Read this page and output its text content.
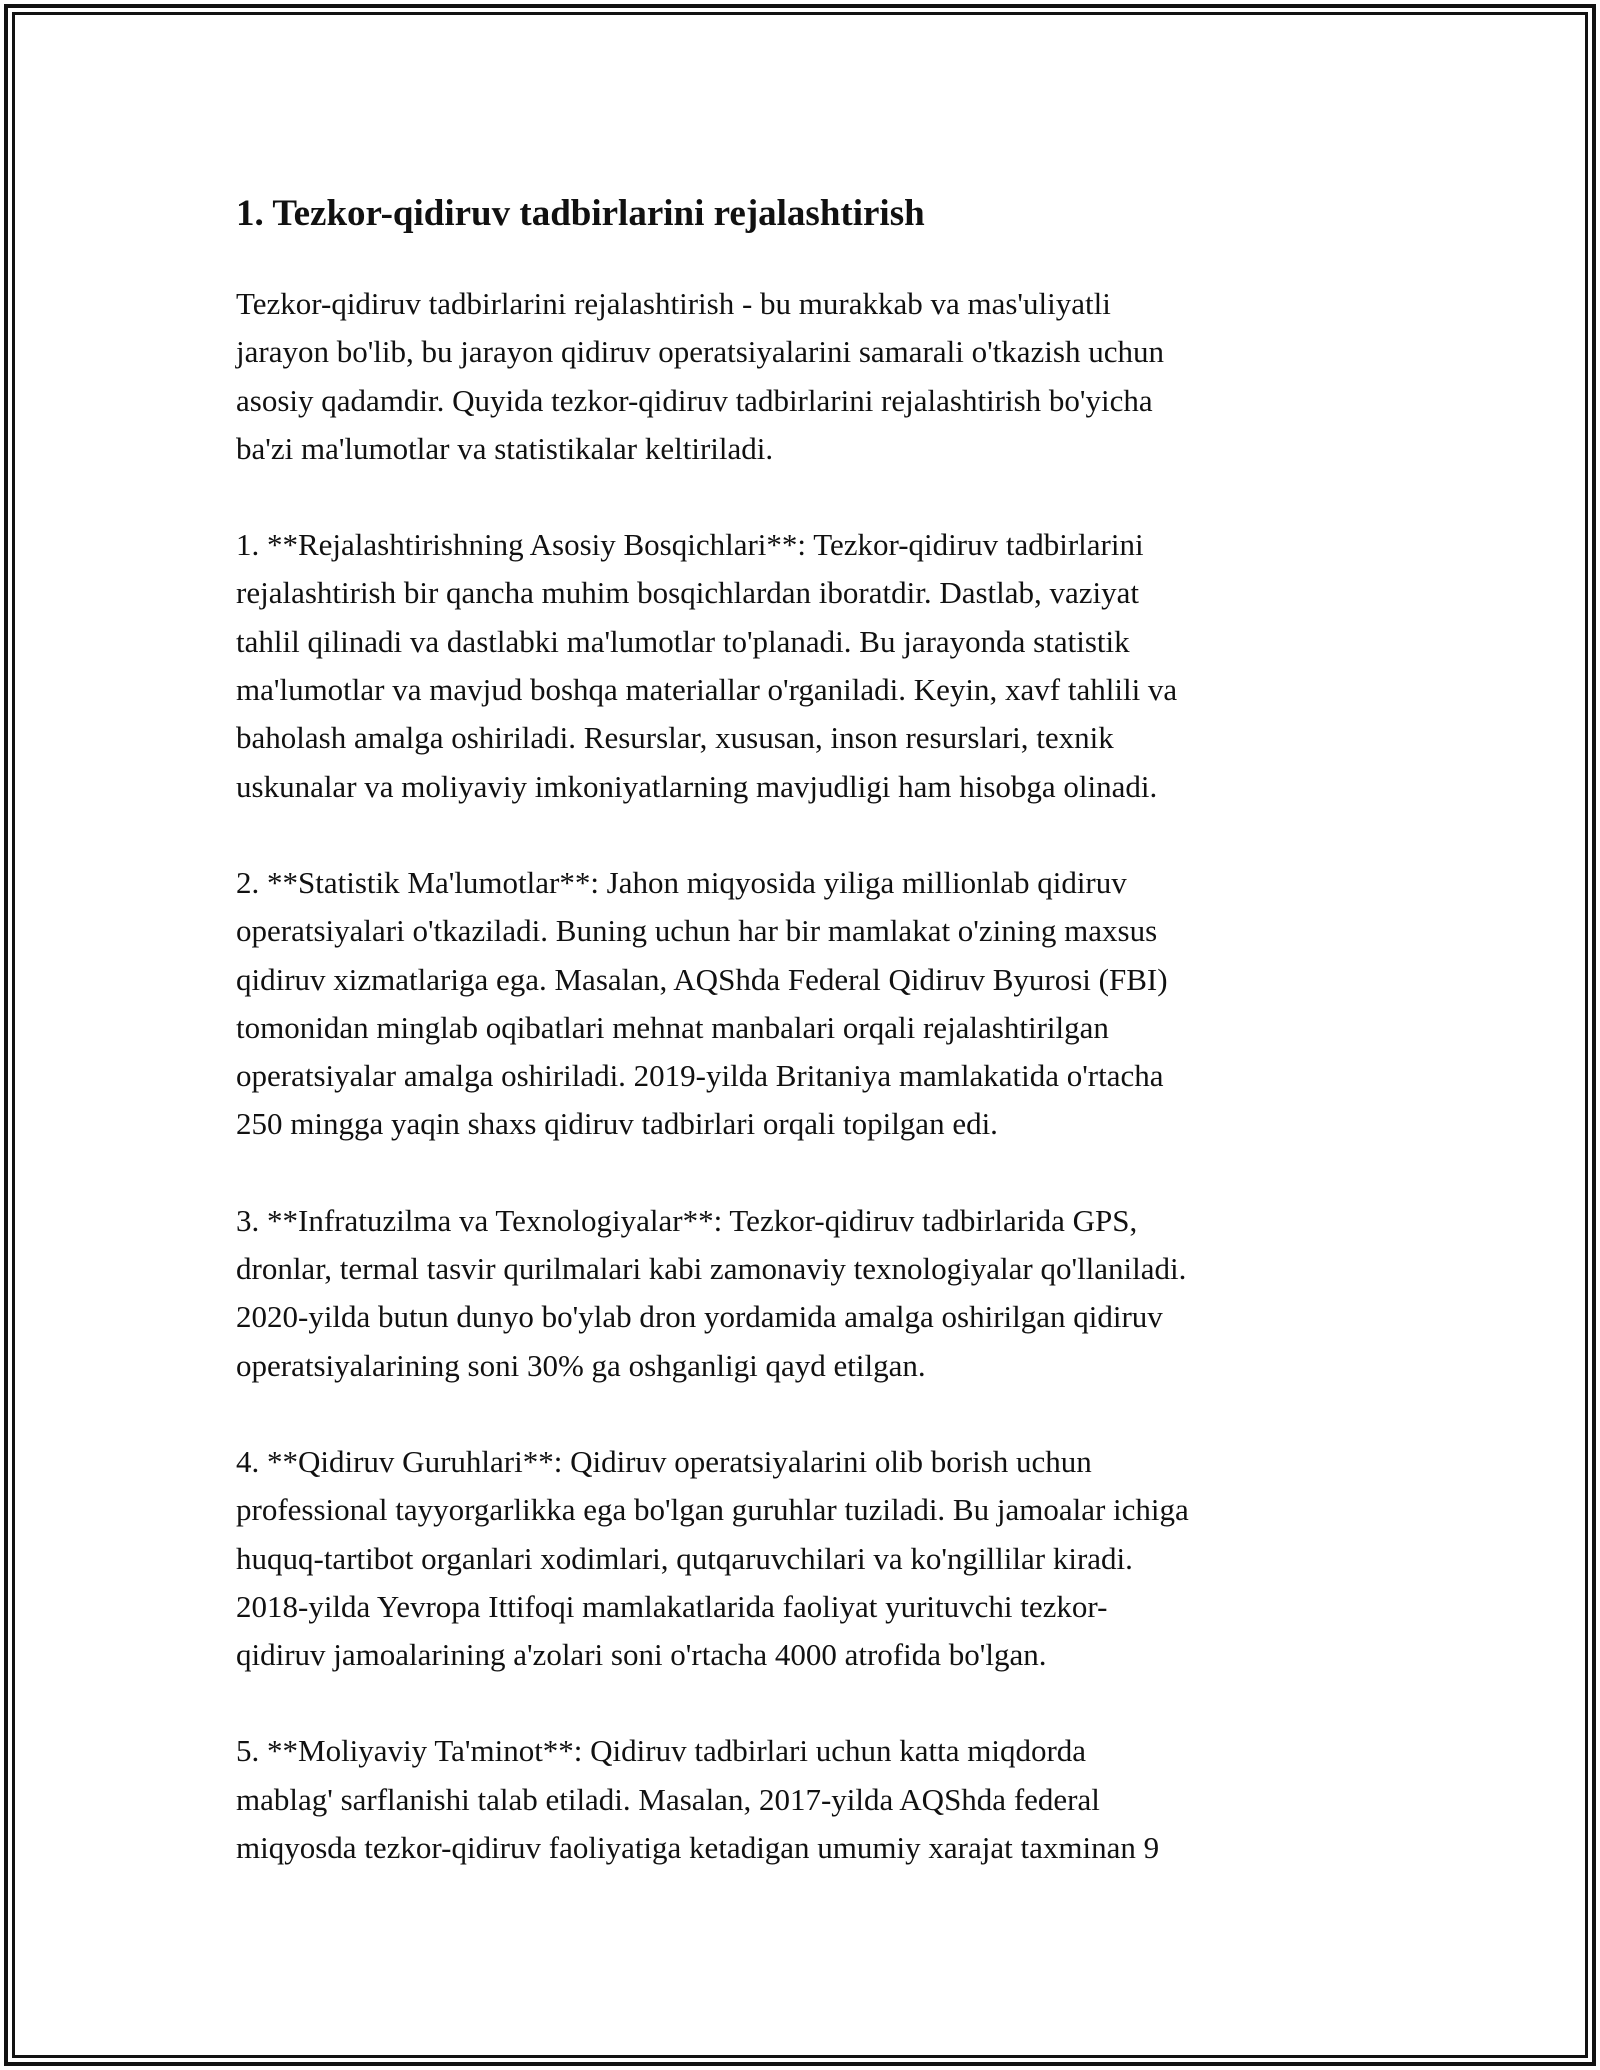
1. Tezkor-qidiruv tadbirlarini rejalashtirish

Tezkor-qidiruv tadbirlarini rejalashtirish - bu murakkab va mas'uliyatli
jarayon bo'lib, bu jarayon qidiruv operatsiyalarini samarali o'tkazish uchun
asosiy qadamdir. Quyida tezkor-qidiruv tadbirlarini rejalashtirish bo'yicha
ba'zi ma'lumotlar va statistikalar keltiriladi.

1. **Rejalashtirishning Asosiy Bosqichlari**: Tezkor-qidiruv tadbirlarini
rejalashtirish bir qancha muhim bosqichlardan iboratdir. Dastlab, vaziyat
tahlil qilinadi va dastlabki ma'lumotlar to'planadi. Bu jarayonda statistik
ma'lumotlar va mavjud boshqa materiallar o'rganiladi. Keyin, xavf tahlili va
baholash amalga oshiriladi. Resurslar, xususan, inson resurslari, texnik
uskunalar va moliyaviy imkoniyatlarning mavjudligi ham hisobga olinadi.

2. **Statistik Ma'lumotlar**: Jahon miqyosida yiliga millionlab qidiruv
operatsiyalari o'tkaziladi. Buning uchun har bir mamlakat o'zining maxsus
qidiruv xizmatlariga ega. Masalan, AQShda Federal Qidiruv Byurosi (FBI)
tomonidan minglab oqibatlari mehnat manbalari orqali rejalashtirilgan
operatsiyalar amalga oshiriladi. 2019-yilda Britaniya mamlakatida o'rtacha
250 mingga yaqin shaxs qidiruv tadbirlari orqali topilgan edi.

3. **Infratuzilma va Texnologiyalar**: Tezkor-qidiruv tadbirlarida GPS,
dronlar, termal tasvir qurilmalari kabi zamonaviy texnologiyalar qo'llaniladi.
2020-yilda butun dunyo bo'ylab dron yordamida amalga oshirilgan qidiruv
operatsiyalarining soni 30% ga oshganligi qayd etilgan.

4. **Qidiruv Guruhlari**: Qidiruv operatsiyalarini olib borish uchun
professional tayyorgarlikka ega bo'lgan guruhlar tuziladi. Bu jamoalar ichiga
huquq-tartibot organlari xodimlari, qutqaruvchilari va ko'ngillilar kiradi.
2018-yilda Yevropa Ittifoqi mamlakatlarida faoliyat yurituvchi tezkor-
qidiruv jamoalarining a'zolari soni o'rtacha 4000 atrofida bo'lgan.

5. **Moliyaviy Ta'minot**: Qidiruv tadbirlari uchun katta miqdorda
mablag' sarflanishi talab etiladi. Masalan, 2017-yilda AQShda federal
miqyosda tezkor-qidiruv faoliyatiga ketadigan umumiy xarajat taxminan 9
